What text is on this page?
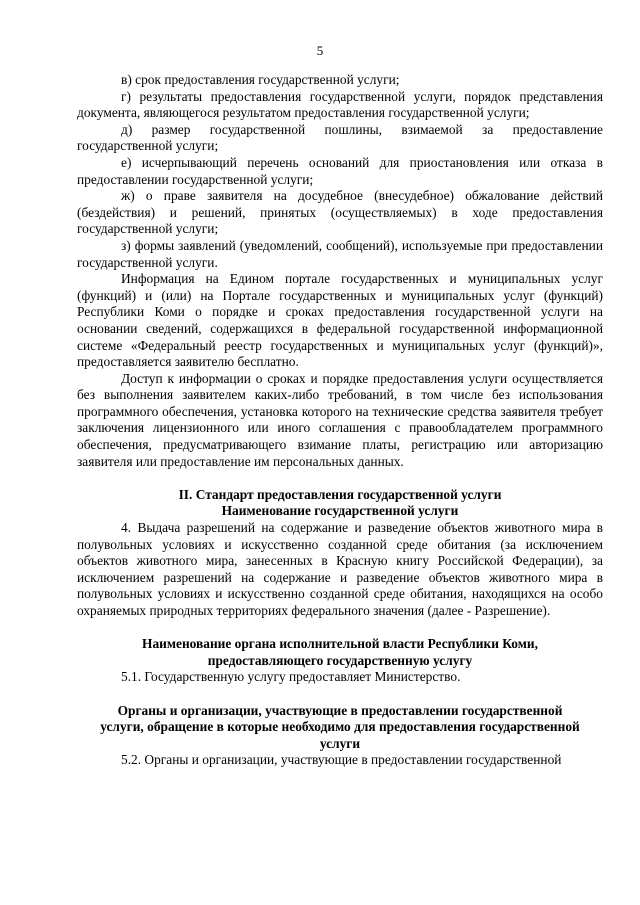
5

в) срок предоставления государственной услуги;

г) результаты предоставления государственной услуги, порядок представления документа, являющегося результатом предоставления государственной услуги;

д) размер государственной пошлины, взимаемой за предоставление государственной услуги;

е) исчерпывающий перечень оснований для приостановления или отказа в предоставлении государственной услуги;

ж) о праве заявителя на досудебное (внесудебное) обжалование действий (бездействия) и решений, принятых (осуществляемых) в ходе предоставления государственной услуги;

з) формы заявлений (уведомлений, сообщений), используемые при предоставлении государственной услуги.

Информация на Едином портале государственных и муниципальных услуг (функций) и (или) на Портале государственных и муниципальных услуг (функций) Республики Коми о порядке и сроках предоставления государственной услуги на основании сведений, содержащихся в федеральной государственной информационной системе «Федеральный реестр государственных и муниципальных услуг (функций)», предоставляется заявителю бесплатно.

Доступ к информации о сроках и порядке предоставления услуги осуществляется без выполнения заявителем каких-либо требований, в том числе без использования программного обеспечения, установка которого на технические средства заявителя требует заключения лицензионного или иного соглашения с правообладателем программного обеспечения, предусматривающего взимание платы, регистрацию или авторизацию заявителя или предоставление им персональных данных.

II. Стандарт предоставления государственной услуги
Наименование государственной услуги

4. Выдача разрешений на содержание и разведение объектов животного мира в полувольных условиях и искусственно созданной среде обитания (за исключением объектов животного мира, занесенных в Красную книгу Российской Федерации), за исключением разрешений на содержание и разведение объектов животного мира в полувольных условиях и искусственно созданной среде обитания, находящихся на особо охраняемых природных территориях федерального значения (далее - Разрешение).

Наименование органа исполнительной власти Республики Коми,
предоставляющего государственную услугу

5.1. Государственную услугу предоставляет Министерство.

Органы и организации, участвующие в предоставлении государственной
услуги, обращение в которые необходимо для предоставления государственной
услуги

5.2. Органы и организации, участвующие в предоставлении государственной
